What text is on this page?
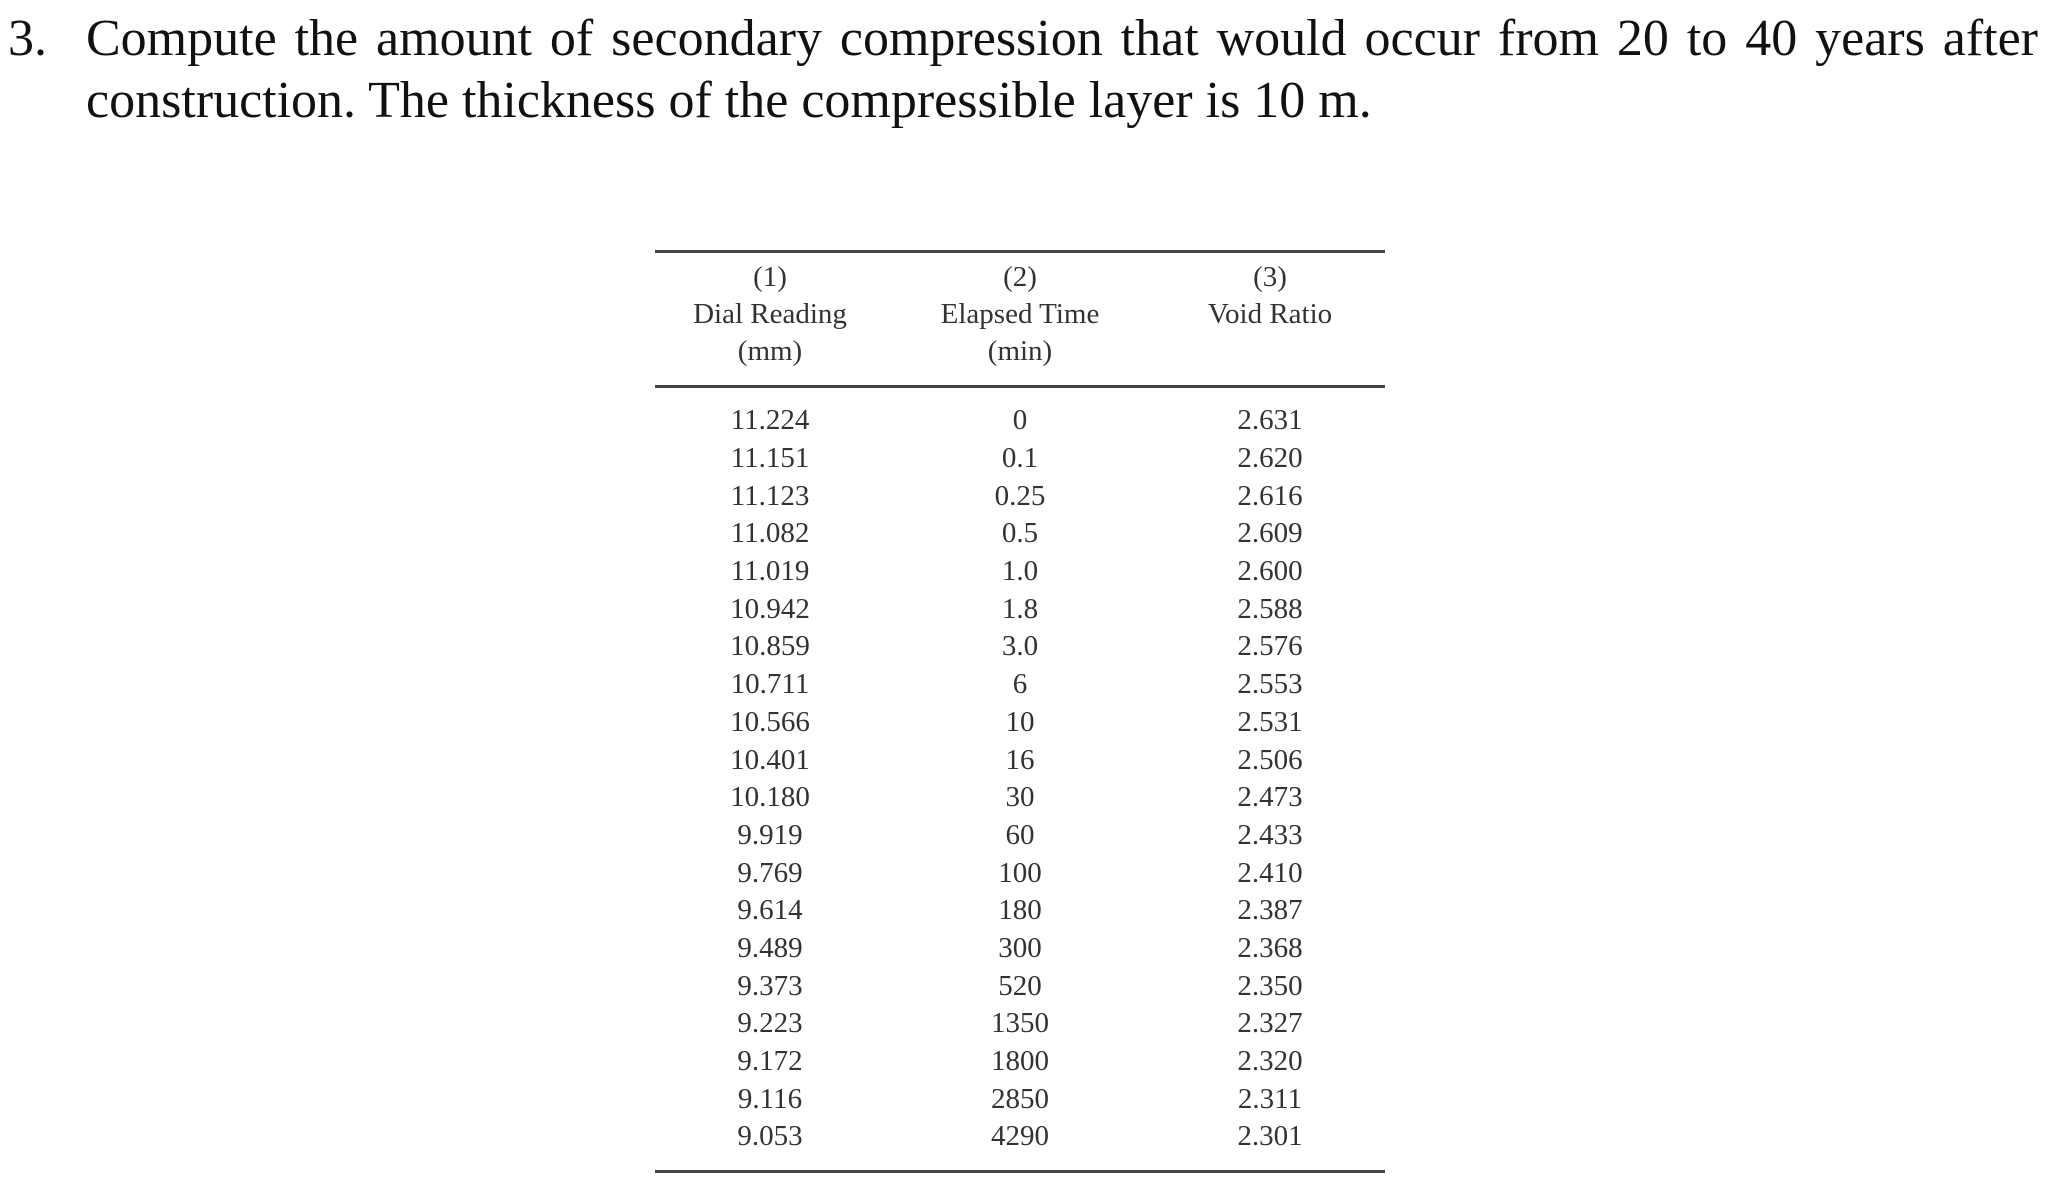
3. Compute the amount of secondary compression that would occur from 20 to 40 years after
construction. The thickness of the compressible layer is 10 m.
(1)
Dial Reading
(mm)
(2)
Elapsed Time
(min)
(3)
Void Ratio
11.224	0	2.631
11.151	0.1	2.620
11.123	0.25	2.616
11.082	0.5	2.609
11.019	1.0	2.600
10.942	1.8	2.588
10.859	3.0	2.576
10.711	6	2.553
10.566	10	2.531
10.401	16	2.506
10.180	30	2.473
9.919	60	2.433
9.769	100	2.410
9.614	180	2.387
9.489	300	2.368
9.373	520	2.350
9.223	1350	2.327
9.172	1800	2.320
9.116	2850	2.311
9.053	4290	2.301
